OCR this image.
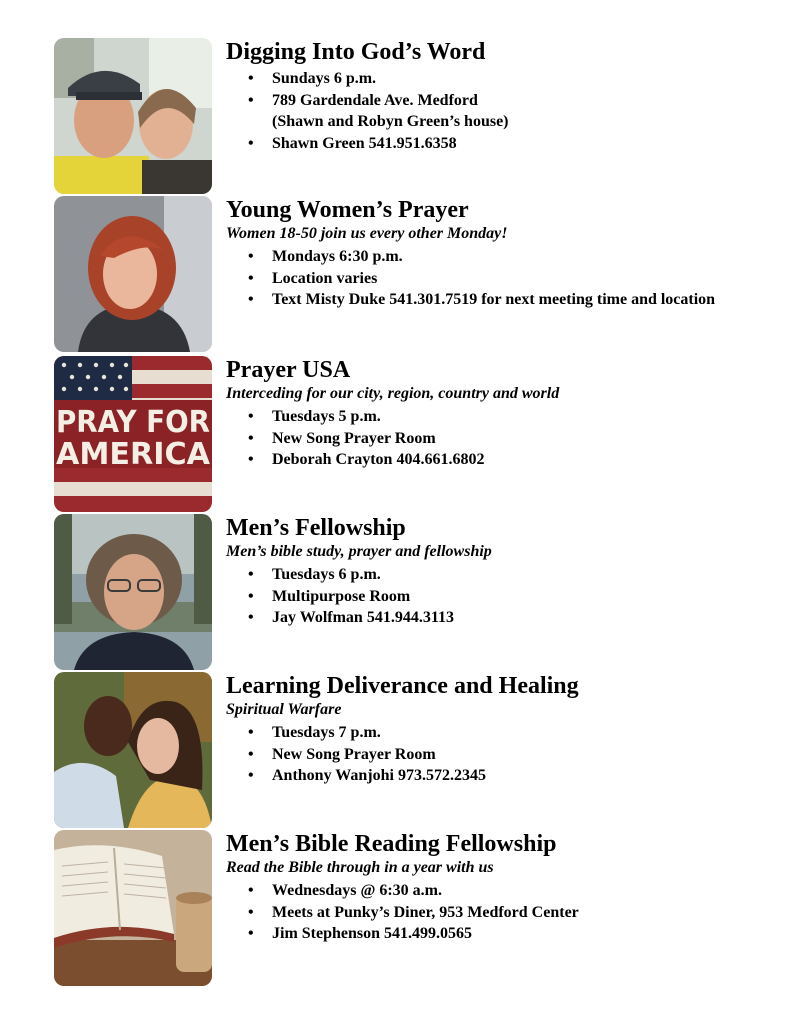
Digging Into God’s Word

• Sundays 6 p.m.
• 789 Gardendale Ave. Medford
(Shawn and Robyn Green’s house)
• Shawn Green 541.951.6358

Young Women’s Prayer

Women 18-50 join us every other Monday!

• Mondays 6:30 p.m.
• Location varies
• Text Misty Duke 541.301.7519 for next meeting time and location
PRAY FOR
AMERICA

Prayer USA

Interceding for our city, region, country and world

• Tuesdays 5 p.m.
• New Song Prayer Room
• Deborah Crayton 404.661.6802

Men’s Fellowship

Men’s bible study, prayer and fellowship

• Tuesdays 6 p.m.
• Multipurpose Room
• Jay Wolfman 541.944.3113

Learning Deliverance and Healing

Spiritual Warfare

• Tuesdays 7 p.m.
• New Song Prayer Room
• Anthony Wanjohi 973.572.2345

Men’s Bible Reading Fellowship

Read the Bible through in a year with us

• Wednesdays @ 6:30 a.m.
• Meets at Punky’s Diner, 953 Medford Center
• Jim Stephenson 541.499.0565
